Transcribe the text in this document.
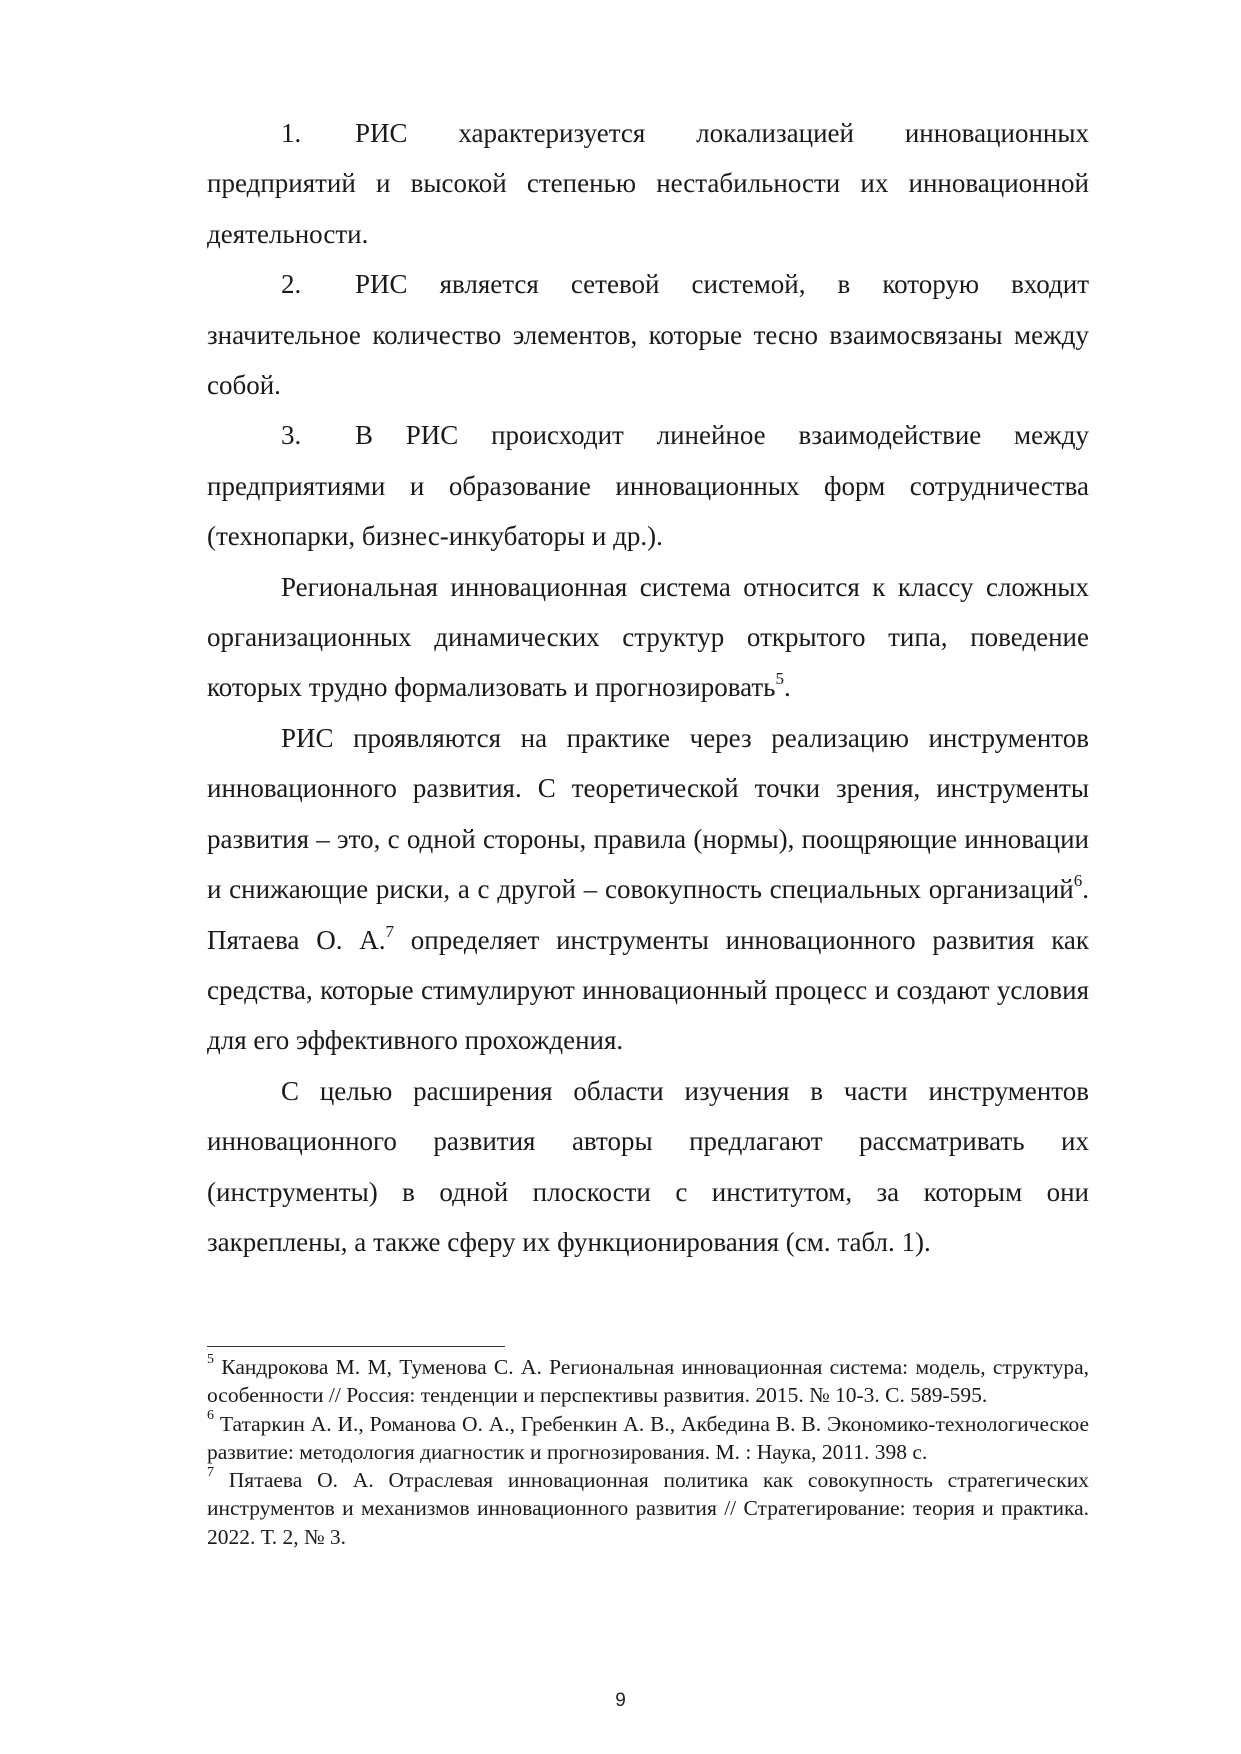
1. РИС характеризуется локализацией инновационных предприятий и высокой степенью нестабильности их инновационной деятельности.

2. РИС является сетевой системой, в которую входит значительное количество элементов, которые тесно взаимосвязаны между собой.

3. В РИС происходит линейное взаимодействие между предприятиями и образование инновационных форм сотрудничества (технопарки, бизнес-инкубаторы и др.).

Региональная инновационная система относится к классу сложных организационных динамических структур открытого типа, поведение которых трудно формализовать и прогнозировать$^5$.

РИС проявляются на практике через реализацию инструментов инновационного развития. С теоретической точки зрения, инструменты развития – это, с одной стороны, правила (нормы), поощряющие инновации и снижающие риски, а с другой – совокупность специальных организаций$^6$. Пятаева О. А.$^7$ определяет инструменты инновационного развития как средства, которые стимулируют инновационный процесс и создают условия для его эффективного прохождения.

С целью расширения области изучения в части инструментов инновационного развития авторы предлагают рассматривать их (инструменты) в одной плоскости с институтом, за которым они закреплены, а также сферу их функционирования (см. табл. 1).

$^5$ Кандрокова М. М, Туменова С. А. Региональная инновационная система: модель, структура, особенности // Россия: тенденции и перспективы развития. 2015. № 10-3. С. 589-595.

$^6$ Татаркин А. И., Романова О. А., Гребенкин А. В., Акбедина В. В. Экономико-технологическое развитие: методология диагностик и прогнозирования. М. : Наука, 2011. 398 с.

$^7$ Пятаева О. А. Отраслевая инновационная политика как совокупность стратегических инструментов и механизмов инновационного развития // Стратегирование: теория и практика. 2022. Т. 2, № 3.

9
